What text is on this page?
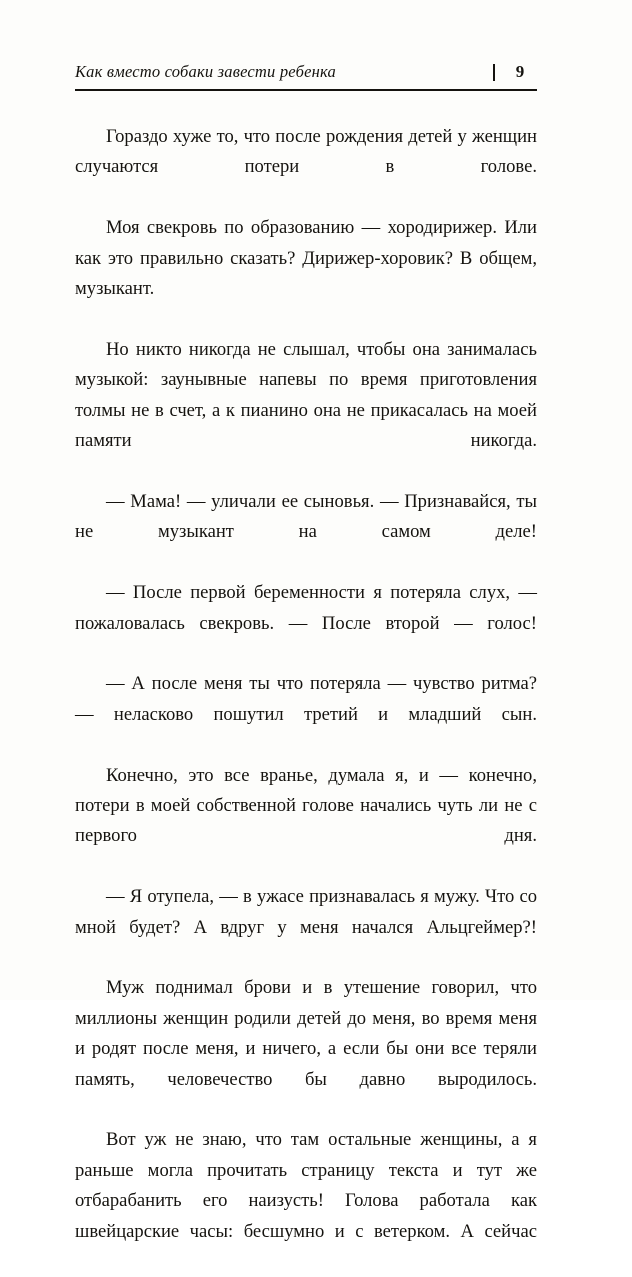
Как вместо собаки завести ребенка	9

Гораздо хуже то, что после рождения детей у женщин случаются потери в голове.

Моя свекровь по образованию — хородирижер. Или как это правильно сказать? Дирижер-хоровик? В общем, музыкант.

Но никто никогда не слышал, чтобы она занималась музыкой: заунывные напевы по время приготовления толмы не в счет, а к пианино она не прикасалась на моей памяти никогда.

— Мама! — уличали ее сыновья. — Признавайся, ты не музыкант на самом деле!

— После первой беременности я потеряла слух, — пожаловалась свекровь. — После второй — голос!

— А после меня ты что потеряла — чувство ритма? — неласково пошутил третий и младший сын.

Конечно, это все вранье, думала я, и — конечно, потери в моей собственной голове начались чуть ли не с первого дня.

— Я отупела, — в ужасе признавалась я мужу. Что со мной будет? А вдруг у меня начался Альцгеймер?!

Муж поднимал брови и в утешение говорил, что миллионы женщин родили детей до меня, во время меня и родят после меня, и ничего, а если бы они все теряли память, человечество бы давно выродилось.

Вот уж не знаю, что там остальные женщины, а я раньше могла прочитать страницу текста и тут же отбарабанить его наизусть! Голова работала как швейцарские часы: бесшумно и с ветерком. А сейчас
